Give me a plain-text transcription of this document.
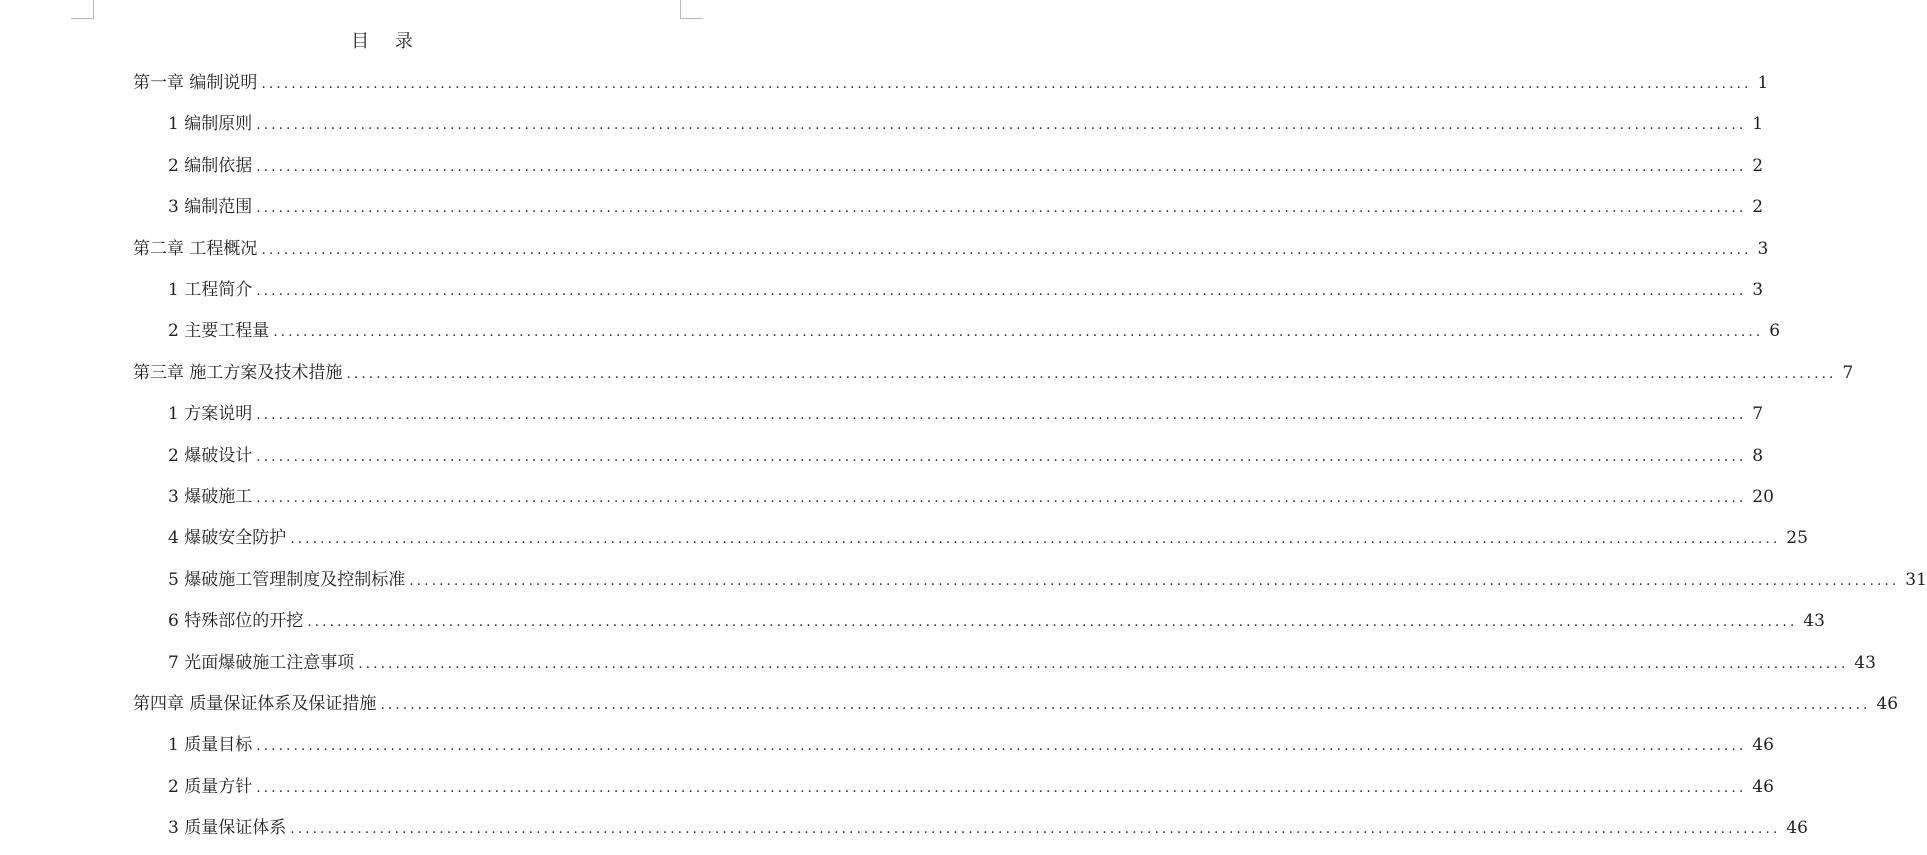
目 录
第一章 编制说明 ........................................................................................................................................................................................................ 1
1 编制原则 ........................................................................................................................................................................................................ 1
2 编制依据 ........................................................................................................................................................................................................ 2
3 编制范围 ........................................................................................................................................................................................................ 2
第二章 工程概况 ........................................................................................................................................................................................................ 3
1 工程简介 ........................................................................................................................................................................................................ 3
2 主要工程量 ........................................................................................................................................................................................................ 6
第三章 施工方案及技术措施 ........................................................................................................................................................................................................ 7
1 方案说明 ........................................................................................................................................................................................................ 7
2 爆破设计 ........................................................................................................................................................................................................ 8
3 爆破施工 ........................................................................................................................................................................................................ 20
4 爆破安全防护 ........................................................................................................................................................................................................ 25
5 爆破施工管理制度及控制标准 ........................................................................................................................................................................................................ 31
6 特殊部位的开挖 ........................................................................................................................................................................................................ 43
7 光面爆破施工注意事项 ........................................................................................................................................................................................................ 43
第四章 质量保证体系及保证措施 ........................................................................................................................................................................................................ 46
1 质量目标 ........................................................................................................................................................................................................ 46
2 质量方针 ........................................................................................................................................................................................................ 46
3 质量保证体系 ........................................................................................................................................................................................................ 46
